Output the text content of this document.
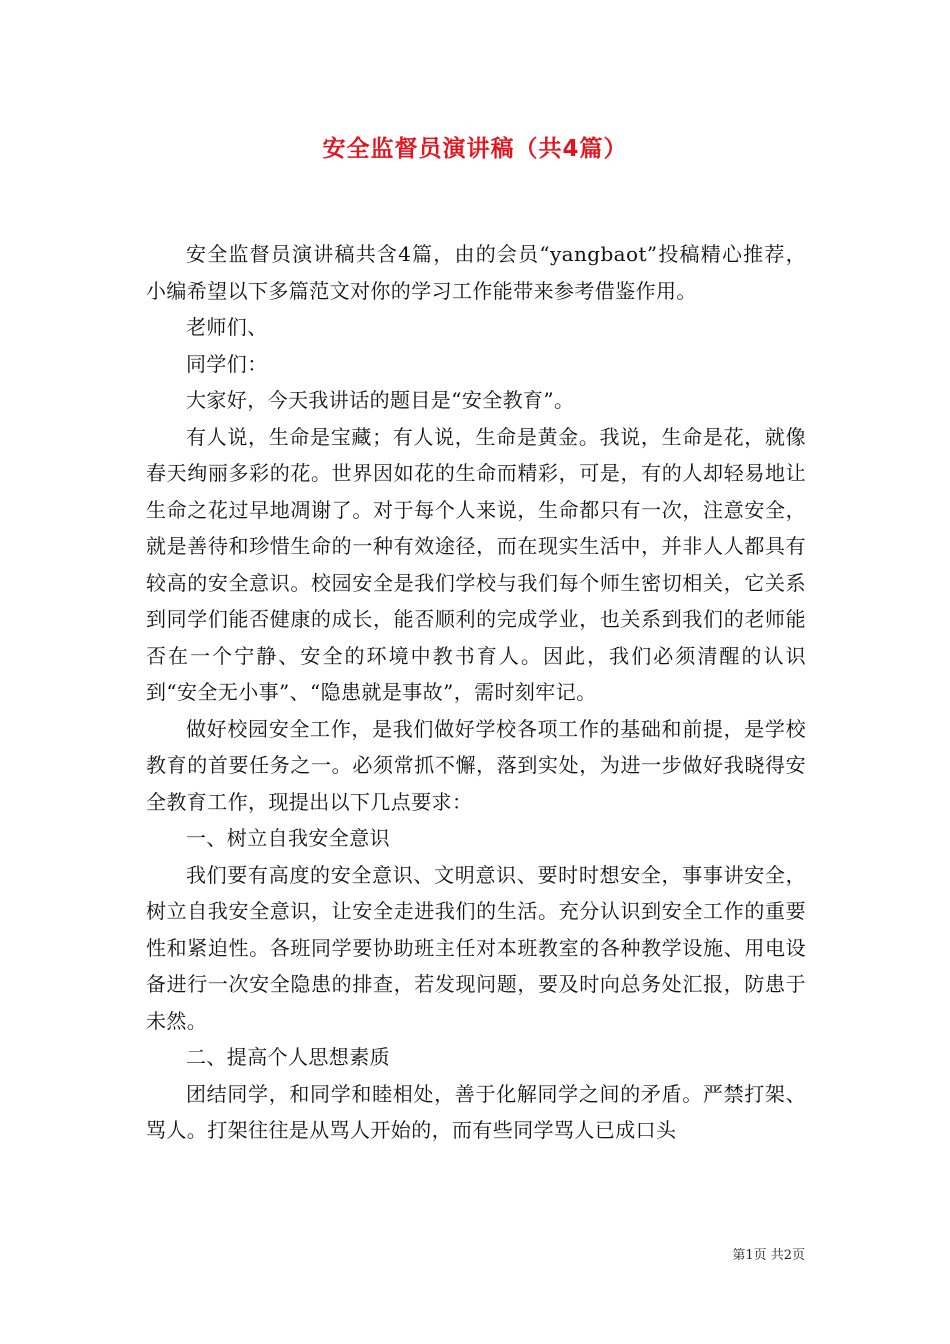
安全监督员演讲稿（共4篇）

安全监督员演讲稿共含4篇，由的会员“yangbaot”投稿精心推荐，小编希望以下多篇范文对你的学习工作能带来参考借鉴作用。

老师们、

同学们：

大家好，今天我讲话的题目是“安全教育”。

有人说，生命是宝藏；有人说，生命是黄金。我说，生命是花，就像春天绚丽多彩的花。世界因如花的生命而精彩，可是，有的人却轻易地让生命之花过早地凋谢了。对于每个人来说，生命都只有一次，注意安全，就是善待和珍惜生命的一种有效途径，而在现实生活中，并非人人都具有较高的安全意识。校园安全是我们学校与我们每个师生密切相关，它关系到同学们能否健康的成长，能否顺利的完成学业，也关系到我们的老师能否在一个宁静、安全的环境中教书育人。因此，我们必须清醒的认识到“安全无小事”、“隐患就是事故”，需时刻牢记。

做好校园安全工作，是我们做好学校各项工作的基础和前提，是学校教育的首要任务之一。必须常抓不懈，落到实处，为进一步做好我晓得安全教育工作，现提出以下几点要求：

一、树立自我安全意识

我们要有高度的安全意识、文明意识、要时时想安全，事事讲安全，树立自我安全意识，让安全走进我们的生活。充分认识到安全工作的重要性和紧迫性。各班同学要协助班主任对本班教室的各种教学设施、用电设备进行一次安全隐患的排查，若发现问题，要及时向总务处汇报，防患于未然。

二、提高个人思想素质

团结同学，和同学和睦相处，善于化解同学之间的矛盾。严禁打架、骂人。打架往往是从骂人开始的，而有些同学骂人已成口头

第1页 共2页
